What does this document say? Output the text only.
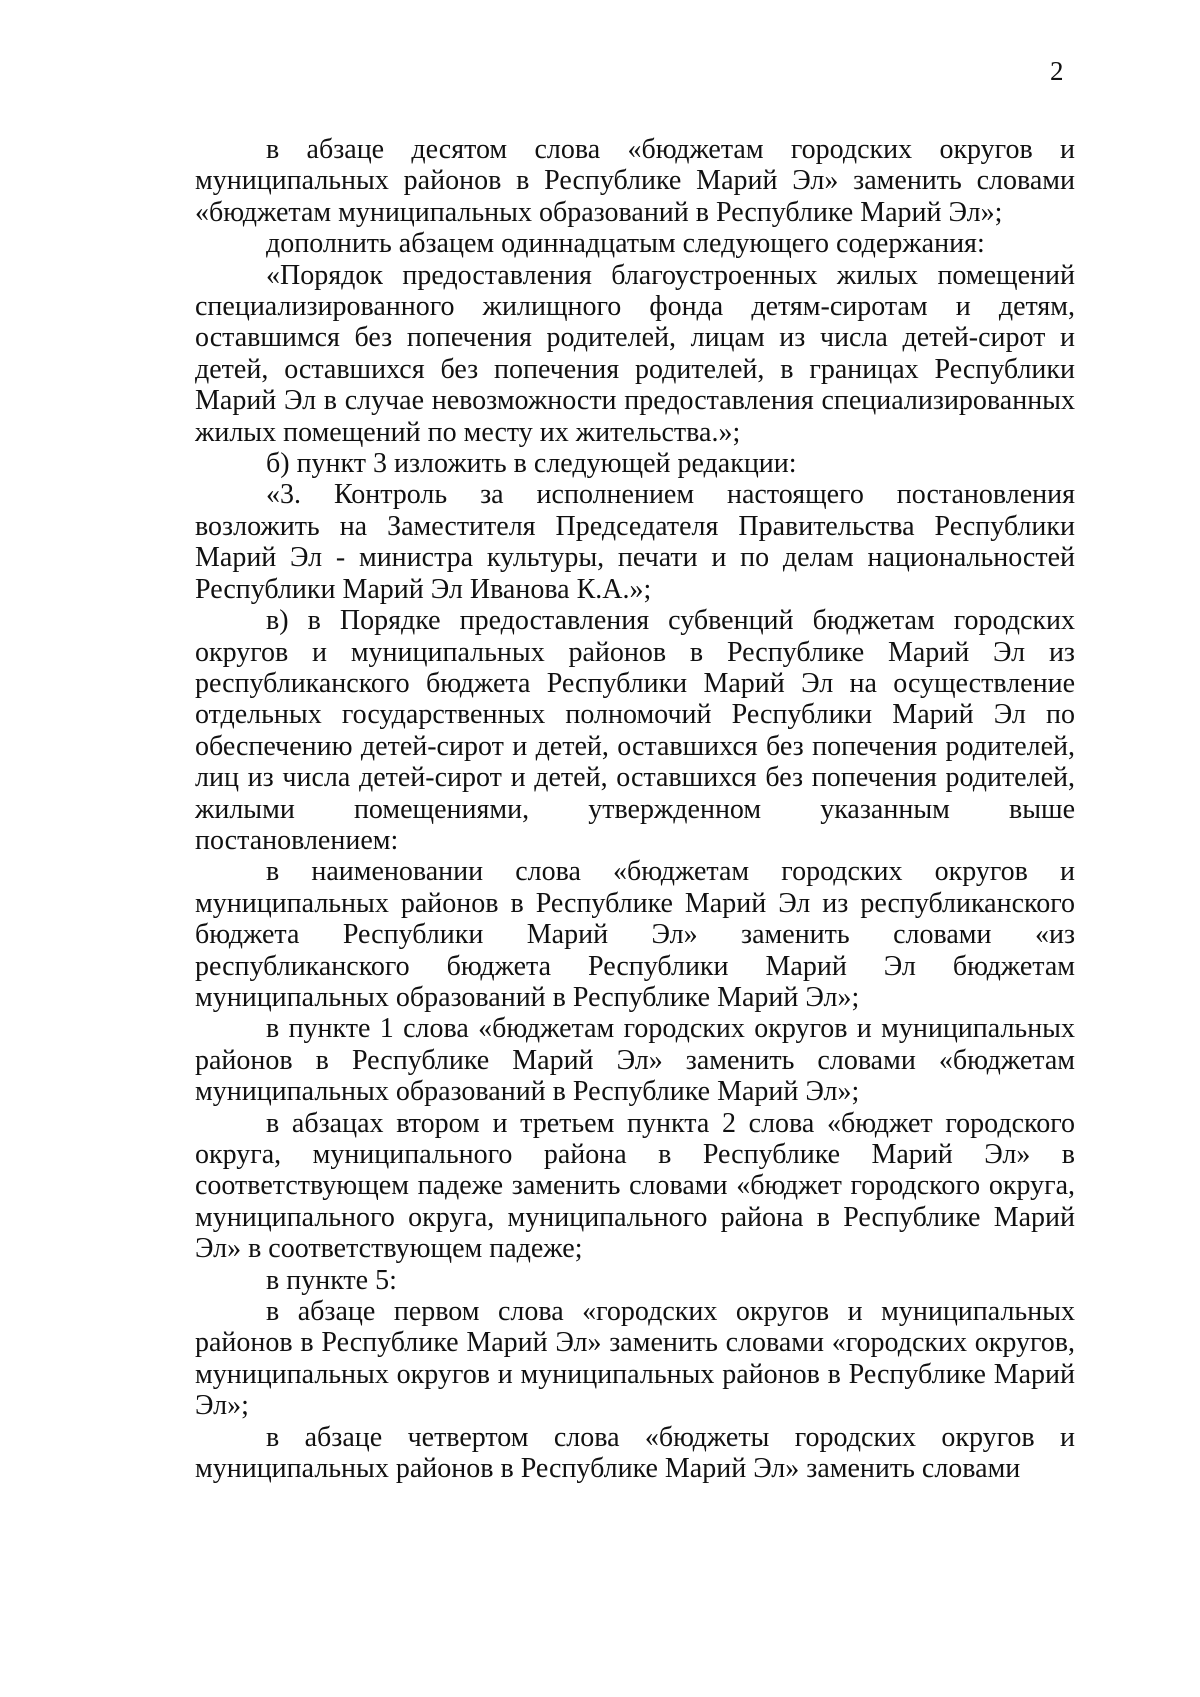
2

в абзаце десятом слова «бюджетам городских округов и муниципальных районов в Республике Марий Эл» заменить словами «бюджетам муниципальных образований в Республике Марий Эл»;

дополнить абзацем одиннадцатым следующего содержания:

«Порядок предоставления благоустроенных жилых помещений специализированного жилищного фонда детям-сиротам и детям, оставшимся без попечения родителей, лицам из числа детей-сирот и детей, оставшихся без попечения родителей, в границах Республики Марий Эл в случае невозможности предоставления специализированных жилых помещений по месту их жительства.»;

б) пункт 3 изложить в следующей редакции:

«3. Контроль за исполнением настоящего постановления возложить на Заместителя Председателя Правительства Республики Марий Эл - министра культуры, печати и по делам национальностей Республики Марий Эл Иванова К.А.»;

в) в Порядке предоставления субвенций бюджетам городских округов и муниципальных районов в Республике Марий Эл из республиканского бюджета Республики Марий Эл на осуществление отдельных государственных полномочий Республики Марий Эл по обеспечению детей-сирот и детей, оставшихся без попечения родителей, лиц из числа детей-сирот и детей, оставшихся без попечения родителей, жилыми помещениями, утвержденном указанным выше постановлением:

в наименовании слова «бюджетам городских округов и муниципальных районов в Республике Марий Эл из республиканского бюджета Республики Марий Эл» заменить словами «из республиканского бюджета Республики Марий Эл бюджетам муниципальных образований в Республике Марий Эл»;

в пункте 1 слова «бюджетам городских округов и муниципальных районов в Республике Марий Эл» заменить словами «бюджетам муниципальных образований в Республике Марий Эл»;

в абзацах втором и третьем пункта 2 слова «бюджет городского округа, муниципального района в Республике Марий Эл» в соответствующем падеже заменить словами «бюджет городского округа, муниципального округа, муниципального района в Республике Марий Эл» в соответствующем падеже;

в пункте 5:

в абзаце первом слова «городских округов и муниципальных районов в Республике Марий Эл» заменить словами «городских округов, муниципальных округов и муниципальных районов в Республике Марий Эл»;

в абзаце четвертом слова «бюджеты городских округов и муниципальных районов в Республике Марий Эл» заменить словами
